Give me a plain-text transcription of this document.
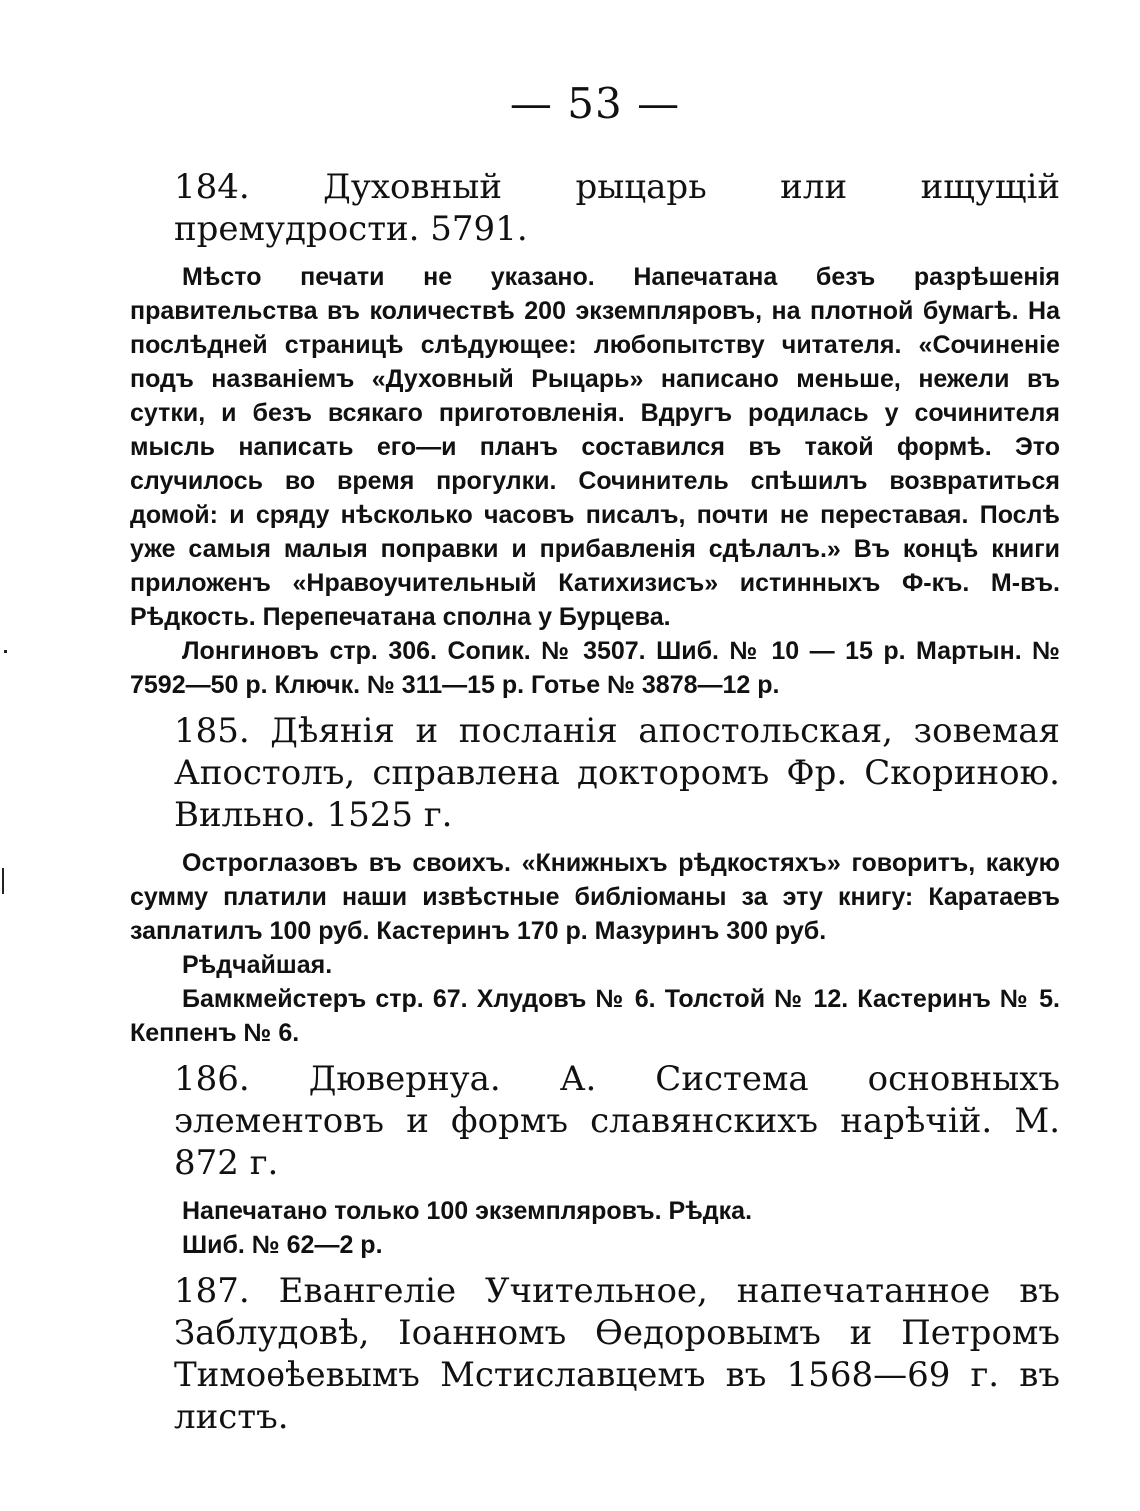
— 53 —

184. Духовный рыцарь или ищущій премудрости. 5791.

Мѣсто печати не указано. Напечатана безъ разрѣшенія правительства въ количествѣ 200 экземпляровъ, на плотной бумагѣ. На послѣдней страницѣ слѣдующее: любопытству читателя. «Сочиненіе подъ названіемъ «Духовный Рыцарь» написано меньше, нежели въ сутки, и безъ всякаго приготовленія. Вдругъ родилась у сочинителя мысль написать его—и планъ составился въ такой формѣ. Это случилось во время прогулки. Сочинитель спѣшилъ возвратиться домой: и сряду нѣсколько часовъ писалъ, почти не переставая. Послѣ уже самыя малыя поправки и прибавленія сдѣлалъ.» Въ концѣ книги приложенъ «Нравоучительный Катихизисъ» истинныхъ Ф-къ. М-въ. Рѣдкость. Перепечатана сполна у Бурцева.

Лонгиновъ стр. 306. Сопик. № 3507. Шиб. № 10 — 15 р. Мартын. № 7592—50 р. Ключк. № 311—15 р. Готье № 3878—12 р.

185. Дѣянія и посланія апостольская, зовемая Апостолъ, справлена докторомъ Фр. Скориною. Вильно. 1525 г.

Остроглазовъ въ своихъ. «Книжныхъ рѣдкостяхъ» говоритъ, какую сумму платили наши извѣстные библіоманы за эту книгу: Каратаевъ заплатилъ 100 руб. Кастеринъ 170 р. Мазуринъ 300 руб.

Рѣдчайшая.

Бамкмейстеръ стр. 67. Хлудовъ № 6. Толстой № 12. Кастеринъ № 5. Кеппенъ № 6.

186. Дювернуа. А. Система основныхъ элементовъ и формъ славянскихъ нарѣчій. М. 872 г.

Напечатано только 100 экземпляровъ. Рѣдка.

Шиб. № 62—2 р.

187. Евангеліе Учительное, напечатанное въ Заблудовѣ, Іоанномъ Ѳедоровымъ и Петромъ Тимоѳѣевымъ Мстиславцемъ въ 1568—69 г. въ листъ.
